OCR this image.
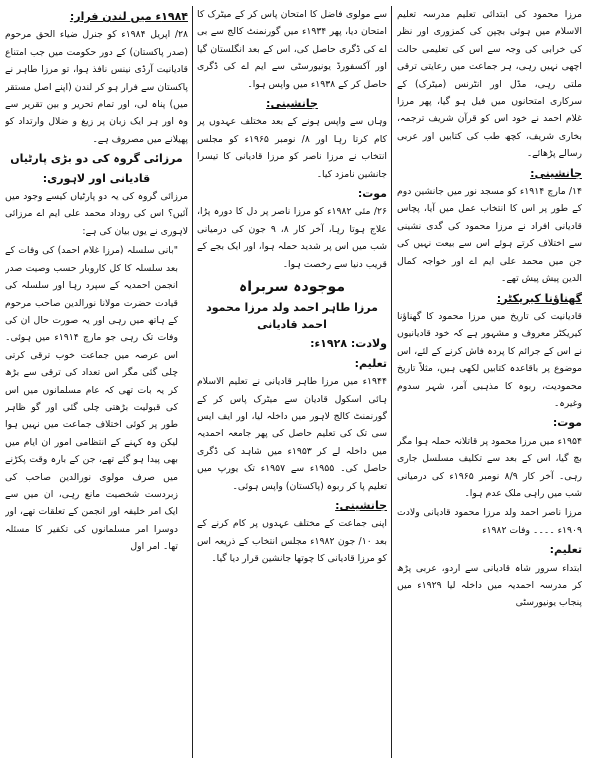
مرزا محمود کی ابتدائی تعلیم مدرسہ تعلیم الاسلام میں ہوئی بچپن کی کمزوری اور نظر کی خرابی کی وجہ سے اس کی تعلیمی حالت اچھی نہیں رہی، ہر جماعت میں رعایتی ترقی ملتی رہی، مڈل اور انٹرنس (میٹرک) کے سرکاری امتحانوں میں فیل ہو گیا، پھر مرزا غلام احمد نے خود اس کو قرآن شریف ترجمہ، بخاری شریف، کچھ طب کی کتابیں اور عربی رسالے پڑھائے۔

جانشینی:

۱۴/ مارچ ۱۹۱۴ء کو مسجد نور میں جانشین دوم کے طور پر اس کا انتخاب عمل میں آیا، پچاس قادیانی افراد نے مرزا محمود کی گدی نشینی سے اختلاف کرتے ہوئے اس سے بیعت نہیں کی جن میں محمد علی ایم اے اور خواجہ کمال الدین پیش پیش تھے۔

گھناؤنا کیریکٹر:

قادیانیت کی تاریخ میں مرزا محمود کا گھناؤنا کیریکٹر معروف و مشہور ہے کہ خود قادیانیوں نے اس کے جرائم کا پردہ فاش کرنے کے لئے، اس موضوع پر باقاعدہ کتابیں لکھی ہیں، مثلاً تاریخ محمودیت، ربوہ کا مذہبی آمر، شہر سدوم وغیرہ۔

موت:

۱۹۵۴ء میں مرزا محمود پر قاتلانہ حملہ ہوا مگر بچ گیا، اس کے بعد سے تکلیف مسلسل جاری رہی۔ آخر کار ۸/۹ نومبر ۱۹۶۵ء کی درمیانی شب میں راہی ملک عدم ہوا۔

مرزا ناصر احمد ولد مرزا محمود قادیانی ولادت ۱۹۰۹ء ۔۔۔۔ وفات ۱۹۸۲ء

تعلیم:

ابتداء سرور شاہ قادیانی سے اردو، عربی پڑھ کر مدرسہ احمدیہ میں داخلہ لیا ۱۹۲۹ء میں پنجاب یونیورسٹی

سے مولوی فاضل کا امتحان پاس کر کے میٹرک کا امتحان دیا، پھر ۱۹۳۴ء میں گورنمنٹ کالج سے بی اے کی ڈگری حاصل کی، اس کے بعد انگلستان گیا اور آکسفورڈ یونیورسٹی سے ایم اے کی ڈگری حاصل کر کے ۱۹۳۸ء میں واپس ہوا۔

جانشینی:

وہاں سے واپس ہونے کے بعد مختلف عہدوں پر کام کرتا رہا اور ۸/ نومبر ۱۹۶۵ء کو مجلس انتخاب نے مرزا ناصر کو مرزا قادیانی کا تیسرا جانشین نامزد کیا۔

موت:

۲۶/ مئی ۱۹۸۲ء کو مرزا ناصر پر دل کا دورہ پڑا، علاج ہوتا رہا، آخر کار ۸، ۹ جون کی درمیانی شب میں اس پر شدید حملہ ہوا، اور ایک بجے کے قریب دنیا سے رخصت ہوا۔

موجودہ سربراہ
مرزا طاہر احمد ولد مرزا محمود احمد قادیانی
ولادت: ۱۹۲۸ء:
تعلیم:

۱۹۴۴ء میں مرزا طاہر قادیانی نے تعلیم الاسلام ہائی اسکول قادیان سے میٹرک پاس کر کے گورنمنٹ کالج لاہور میں داخلہ لیا، اور ایف ایس سی تک کی تعلیم حاصل کی پھر جامعہ احمدیہ میں داخلہ لے کر ۱۹۵۳ء میں شاہد کی ڈگری حاصل کی۔ ۱۹۵۵ء سے ۱۹۵۷ء تک یورپ میں تعلیم پا کر ربوہ (پاکستان) واپس ہوئی۔

جانشینی:

اپنی جماعت کے مختلف عہدوں پر کام کرنے کے بعد ۱۰/ جون ۱۹۸۲ء مجلس انتخاب کے ذریعہ اس کو مرزا قادیانی کا چوتھا جانشین قرار دیا گیا۔

۱۹۸۴ء میں لندن فرار:

۲۸/ اپریل ۱۹۸۴ء کو جنرل ضیاء الحق مرحوم (صدر پاکستان) کے دور حکومت میں جب امتناع قادیانیت آرڈی نینس نافذ ہوا، تو مرزا طاہر نے پاکستان سے فرار ہو کر لندن (اپنے اصل مستقر میں) پناہ لی، اور تمام تحریر و بین تقریر سے وہ اور ہر ایک زبان پر زیغ و ضلال وارتداد کو پھیلانے میں مصروف ہے۔

مرزائی گروہ کی دو بڑی پارٹیاں
قادیانی اور لاہوری:

مرزائی گروہ کی یہ دو پارٹیاں کیسے وجود میں آئیں؟ اس کی روداد محمد علی ایم اے مرزائی لاہوری نے یوں بیان کی ہے:

"بانی سلسلہ (مرزا غلام احمد) کی وفات کے بعد سلسلہ کا کل کاروبار حسب وصیت صدر انجمن احمدیہ کے سپرد رہا اور سلسلہ کی قیادت حضرت مولانا نورالدین صاحب مرحوم کے ہاتھ میں رہی اور یہ صورت حال ان کی وفات تک رہی جو مارچ ۱۹۱۴ء میں ہوئی۔ اس عرصہ میں جماعت خوب ترقی کرتی چلی گئی مگر اس تعداد کی ترقی سے بڑھ کر یہ بات تھی کہ عام مسلمانوں میں اس کی قبولیت بڑھتی چلی گئی اور گو ظاہر طور پر کوئی اختلاف جماعت میں نہیں ہوا لیکن وہ کہنے کے انتظامی امور ان ایام میں بھی پیدا ہو گئے تھے، جن کے بارہ وقت پکڑنے میں صرف مولوی نورالدین صاحب کی زبردست شخصیت مانع رہی، ان میں سے ایک امر خلیفہ اور انجمن کے تعلقات تھے، اور دوسرا امر مسلمانوں کی تکفیر کا مسئلہ تھا۔ امر اول
